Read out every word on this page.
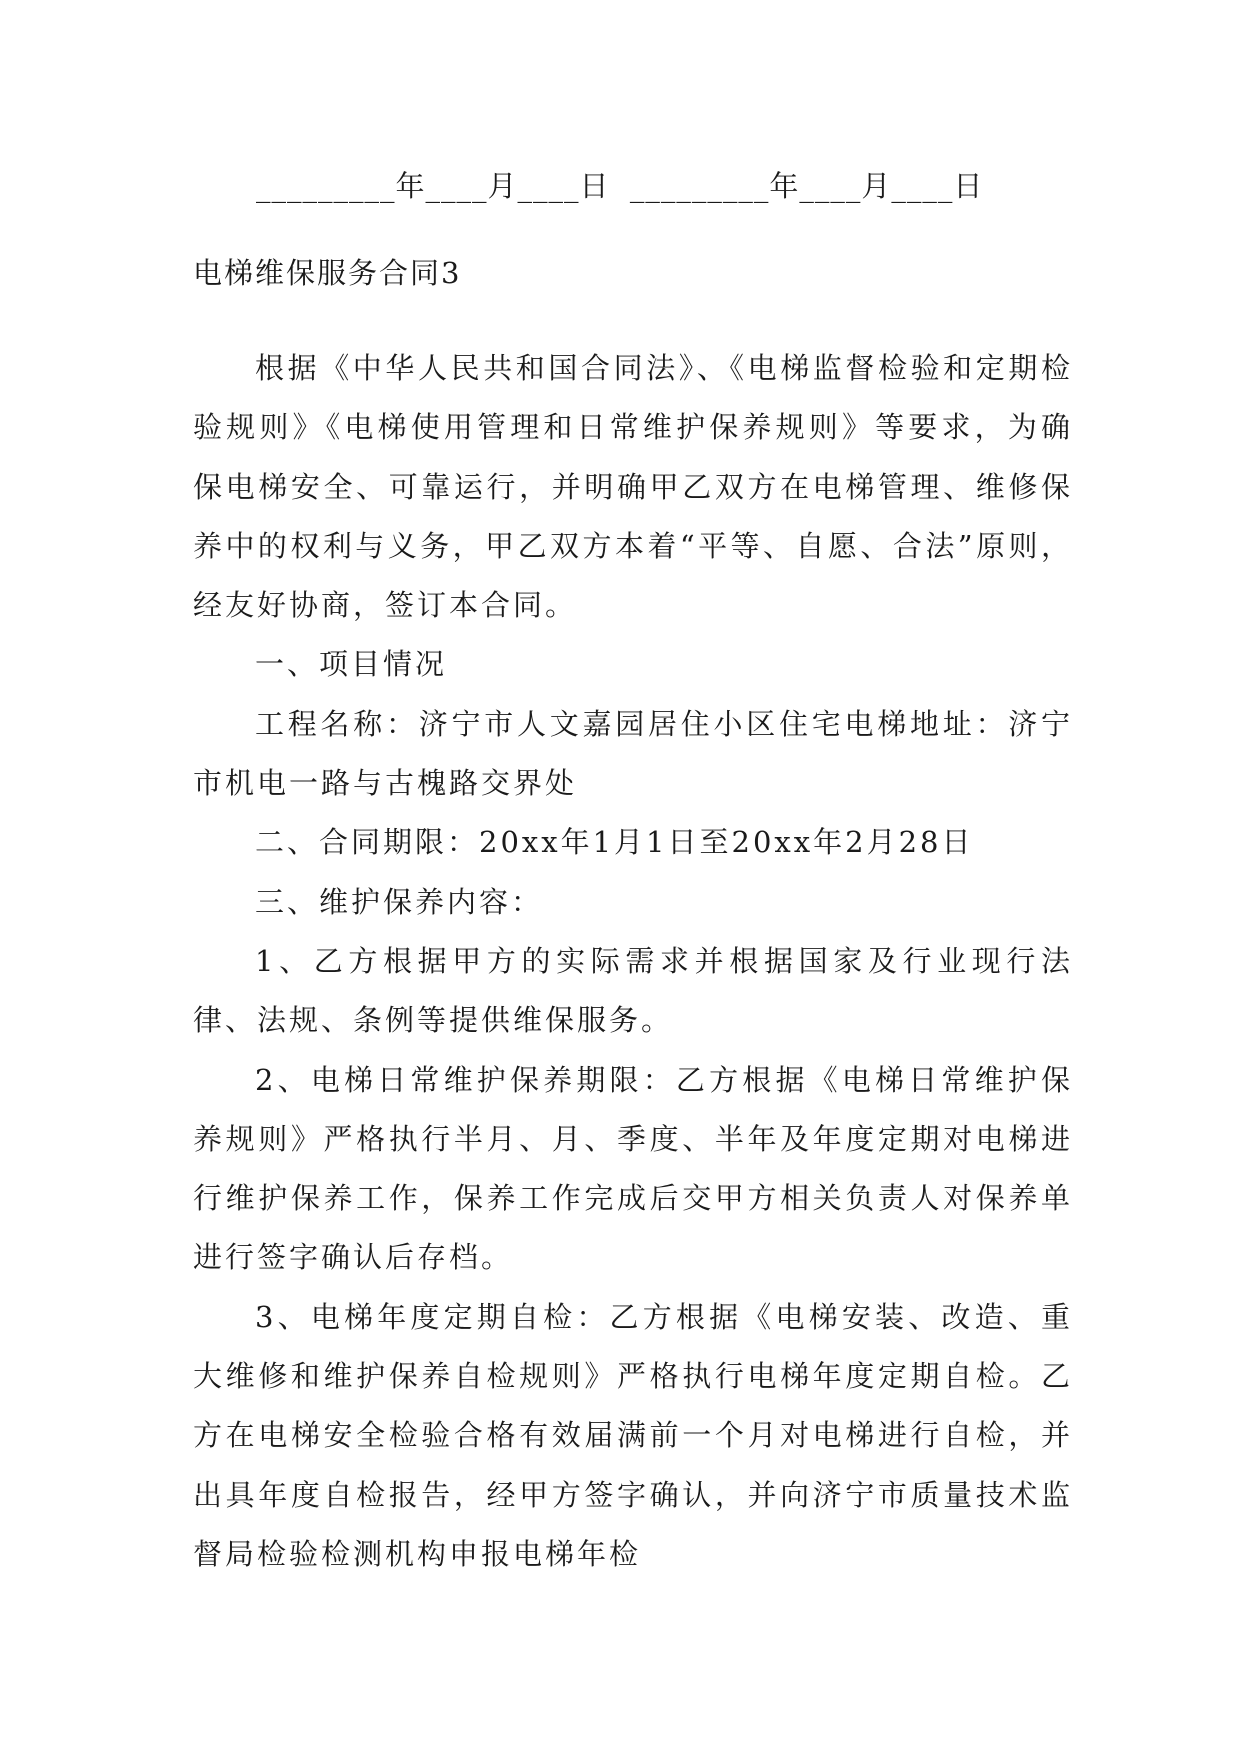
_________年____月____日  _________年____月____日
电梯维保服务合同3

根据《中华人民共和国合同法》、《电梯监督检验和定期检验规则》《电梯使用管理和日常维护保养规则》等要求，为确保电梯安全、可靠运行，并明确甲乙双方在电梯管理、维修保养中的权利与义务，甲乙双方本着“平等、自愿、合法”原则，经友好协商，签订本合同。

一、项目情况

工程名称：济宁市人文嘉园居住小区住宅电梯地址：济宁市机电一路与古槐路交界处

二、合同期限：20xx年1月1日至20xx年2月28日

三、维护保养内容：

1、乙方根据甲方的实际需求并根据国家及行业现行法律、法规、条例等提供维保服务。

2、电梯日常维护保养期限：乙方根据《电梯日常维护保养规则》严格执行半月、月、季度、半年及年度定期对电梯进行维护保养工作，保养工作完成后交甲方相关负责人对保养单进行签字确认后存档。

3、电梯年度定期自检：乙方根据《电梯安装、改造、重大维修和维护保养自检规则》严格执行电梯年度定期自检。乙方在电梯安全检验合格有效届满前一个月对电梯进行自检，并出具年度自检报告，经甲方签字确认，并向济宁市质量技术监督局检验检测机构申报电梯年检
